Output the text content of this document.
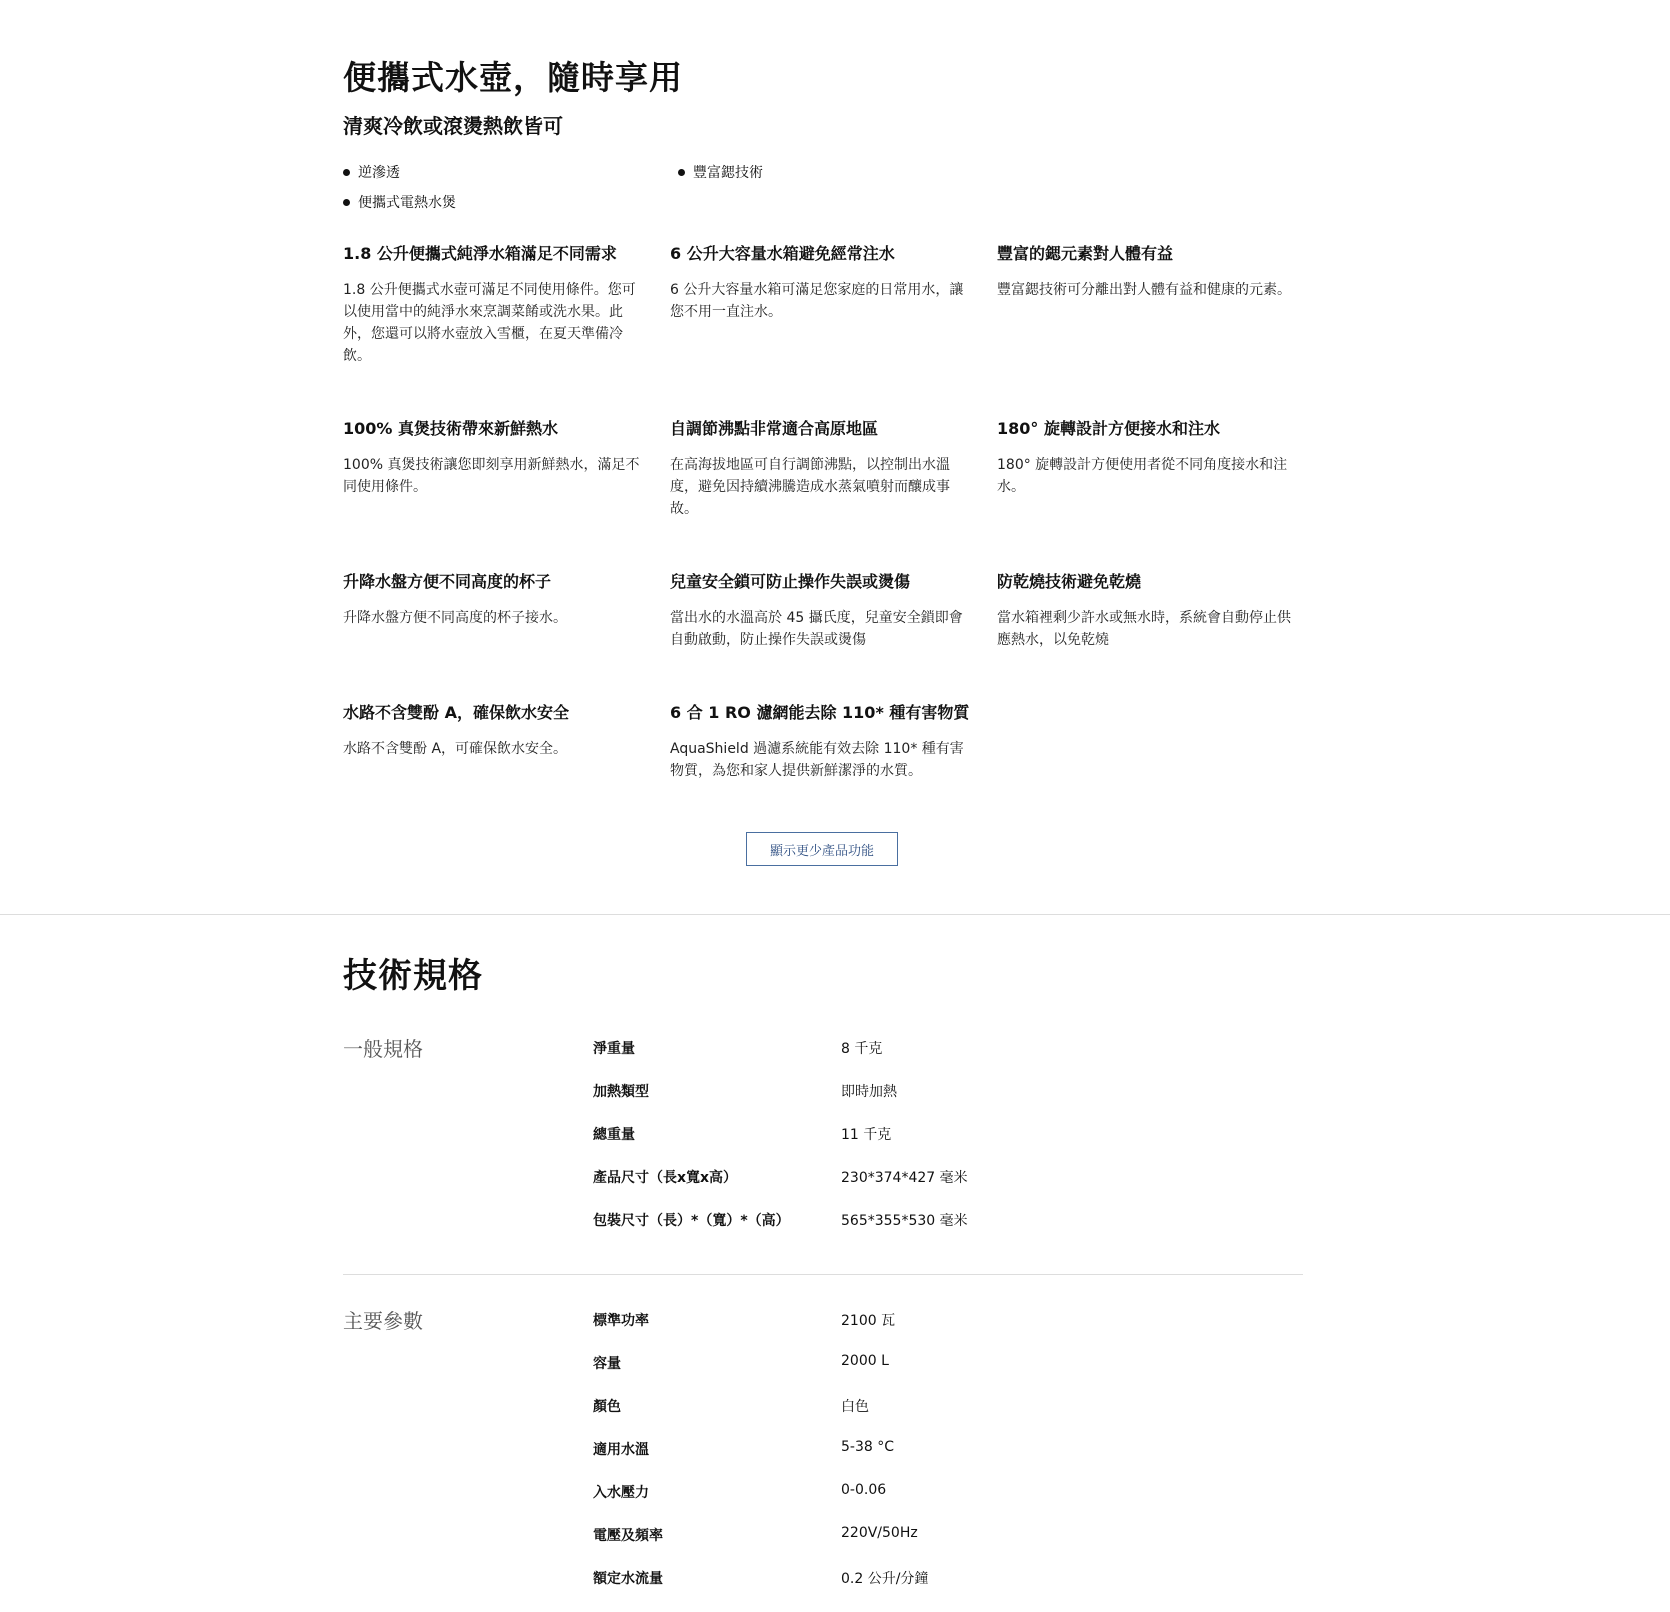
便攜式水壺，隨時享用
清爽冷飲或滾燙熱飲皆可
逆滲透	豐富鍶技術
便攜式電熱水煲
1.8 公升便攜式純淨水箱滿足不同需求
1.8 公升便攜式水壺可滿足不同使用條件。您可以使用當中的純淨水來烹調菜餚或洗水果。此外，您還可以將水壺放入雪櫃，在夏天準備冷飲。
6 公升大容量水箱避免經常注水
6 公升大容量水箱可滿足您家庭的日常用水，讓您不用一直注水。
豐富的鍶元素對人體有益
豐富鍶技術可分離出對人體有益和健康的元素。
100% 真煲技術帶來新鮮熱水
100% 真煲技術讓您即刻享用新鮮熱水，滿足不同使用條件。
自調節沸點非常適合高原地區
在高海拔地區可自行調節沸點，以控制出水溫度，避免因持續沸騰造成水蒸氣噴射而釀成事故。
180° 旋轉設計方便接水和注水
180° 旋轉設計方便使用者從不同角度接水和注水。
升降水盤方便不同高度的杯子
升降水盤方便不同高度的杯子接水。
兒童安全鎖可防止操作失誤或燙傷
當出水的水溫高於 45 攝氏度，兒童安全鎖即會自動啟動，防止操作失誤或燙傷
防乾燒技術避免乾燒
當水箱裡剩少許水或無水時，系統會自動停止供應熱水，以免乾燒
水路不含雙酚 A，確保飲水安全
水路不含雙酚 A，可確保飲水安全。
6 合 1 RO 濾網能去除 110* 種有害物質
AquaShield 過濾系統能有效去除 110* 種有害物質，為您和家人提供新鮮潔淨的水質。
顯示更少產品功能
技術規格
一般規格	淨重量	8 千克
加熱類型	即時加熱
總重量	11 千克
產品尺寸（長x寬x高）	230*374*427 毫米
包裝尺寸（長）*（寬）*（高）	565*355*530 毫米
主要參數	標準功率	2100 瓦
容量	2000 L
顏色	白色
適用水溫	5-38 °C
入水壓力	0-0.06
電壓及頻率	220V/50Hz
額定水流量	0.2 公升/分鐘
